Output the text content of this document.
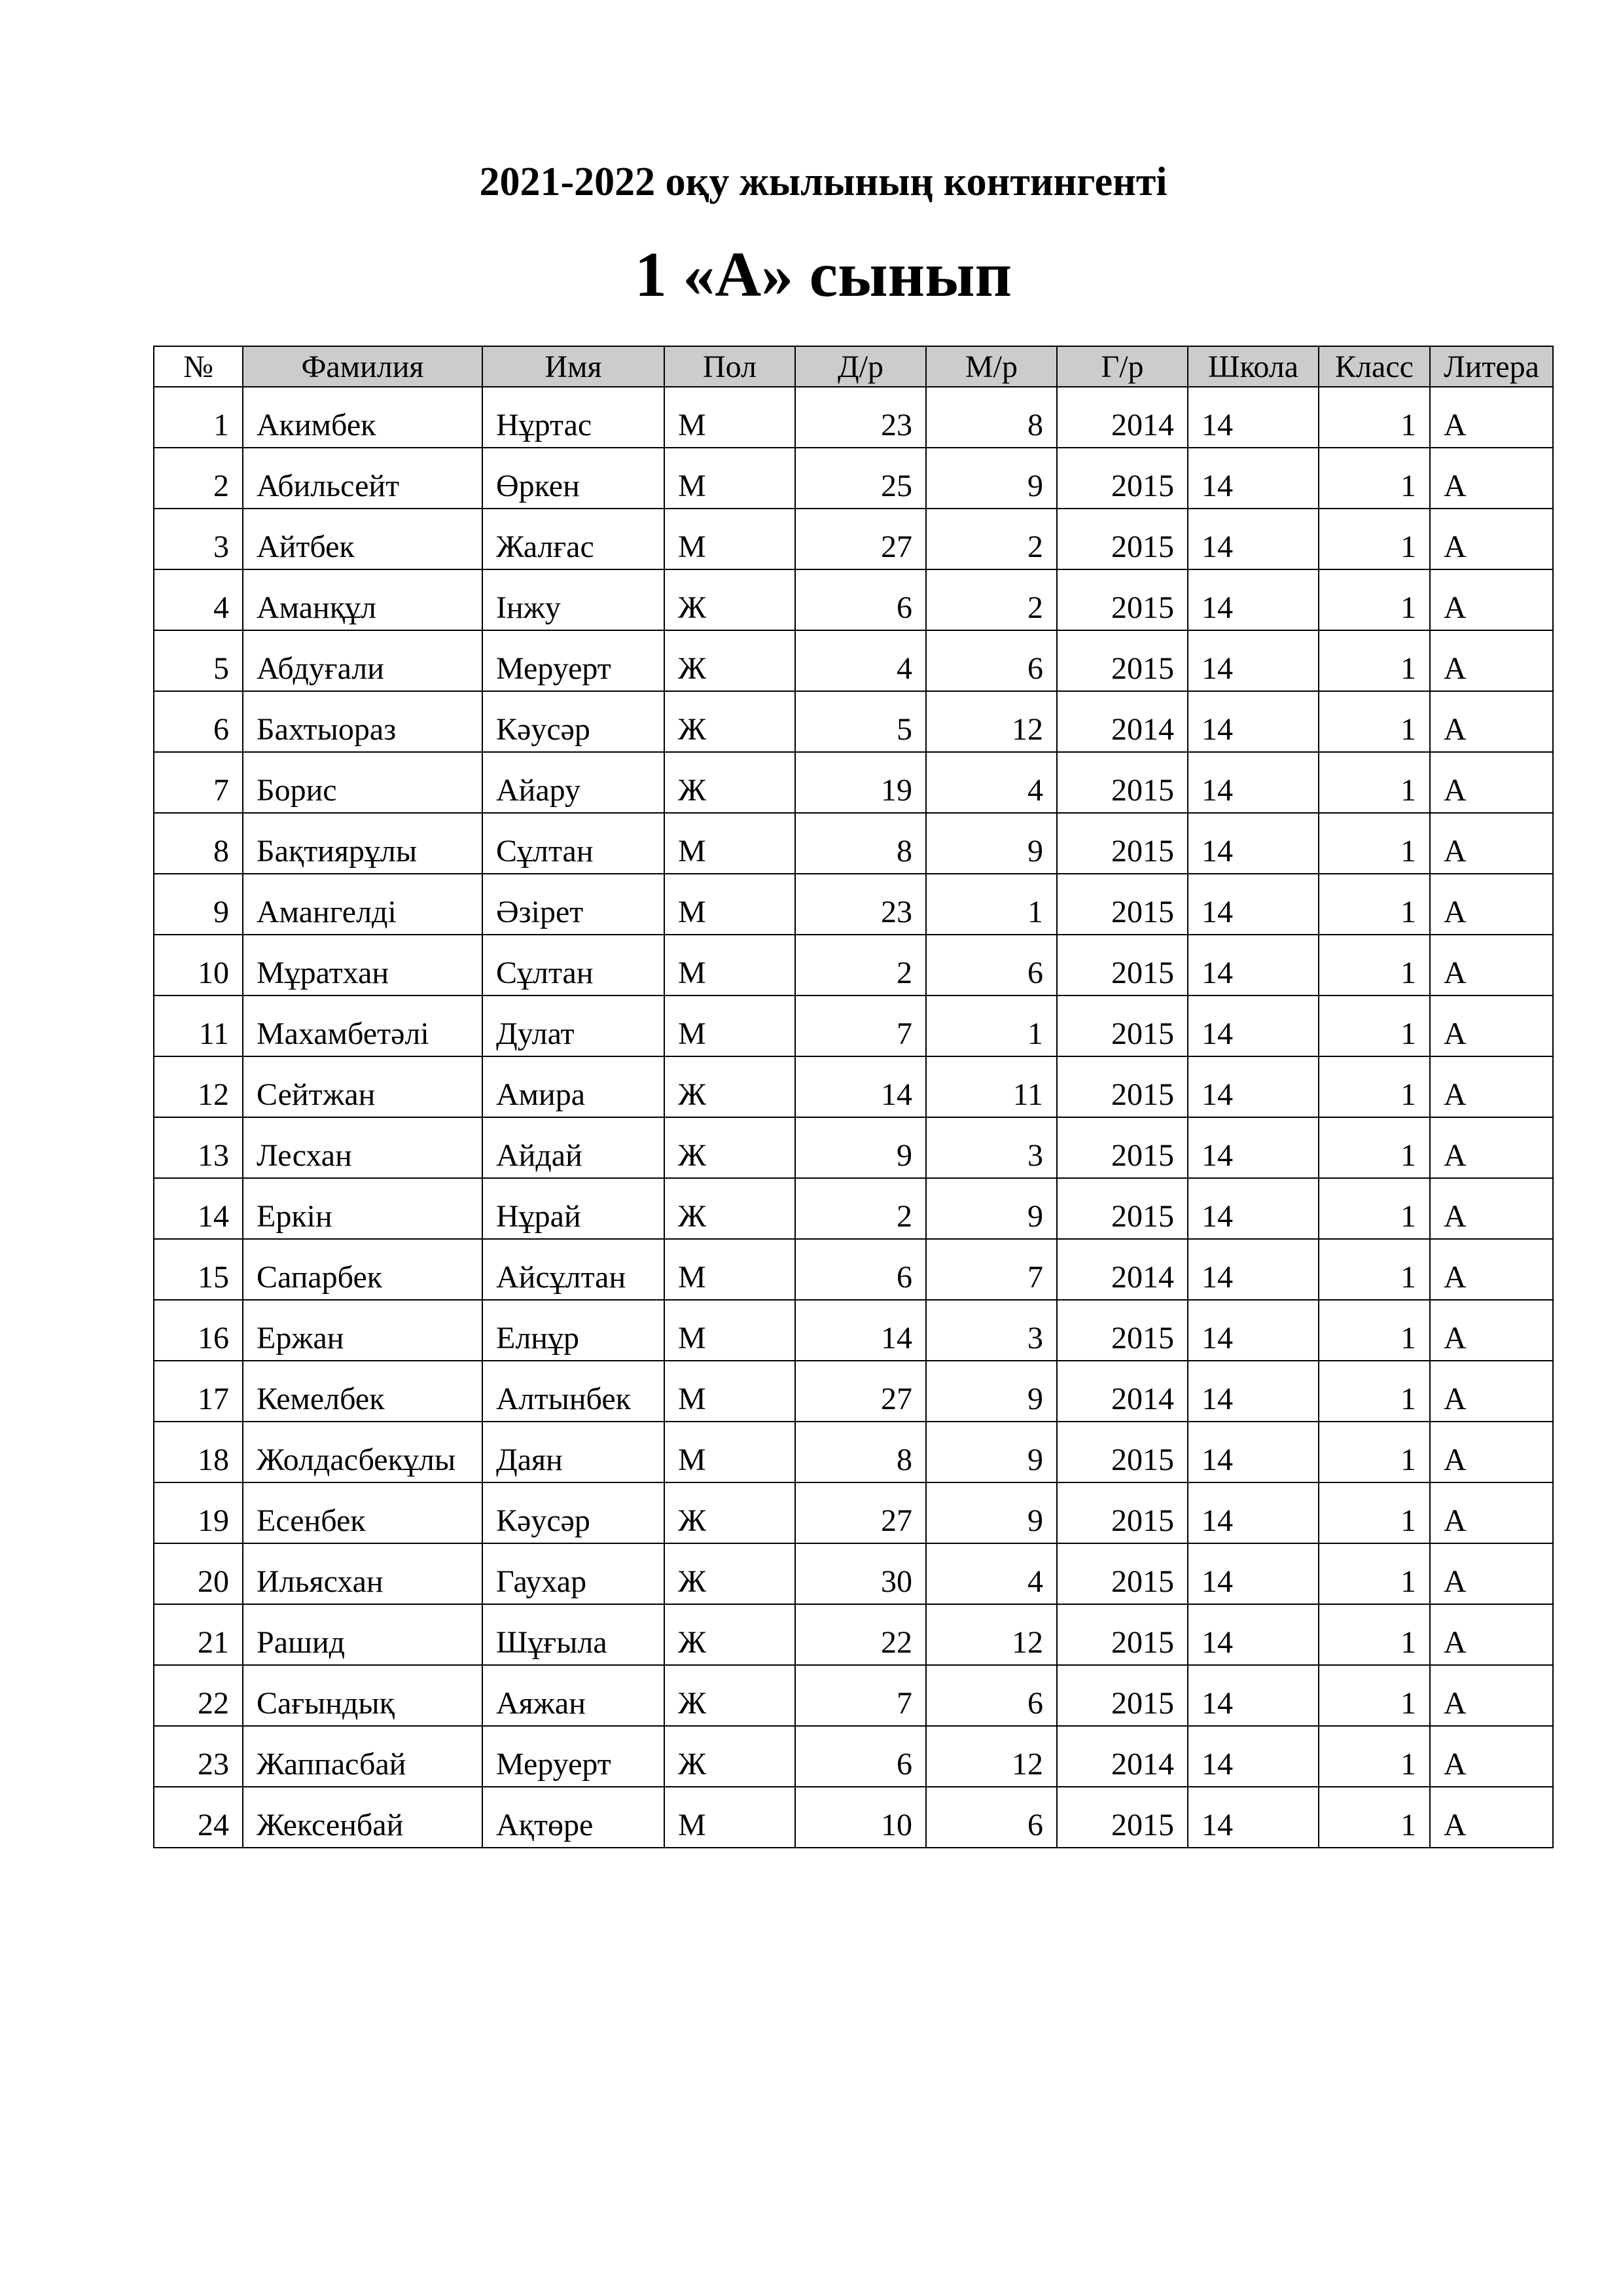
2021-2022 оқу жылының контингенті
1 «А» сынып
№	Фамилия	Имя	Пол	Д/р	М/р	Г/р	Школа	Класс	Литера
1	Акимбек	Нұртас	М	23	8	2014	14	1	А
2	Абильсейт	Өркен	М	25	9	2015	14	1	А
3	Айтбек	Жалғас	М	27	2	2015	14	1	А
4	Аманқұл	Інжу	Ж	6	2	2015	14	1	А
5	Абдуғали	Меруерт	Ж	4	6	2015	14	1	А
6	Бахтыораз	Кәусәр	Ж	5	12	2014	14	1	А
7	Борис	Айару	Ж	19	4	2015	14	1	А
8	Бақтиярұлы	Сұлтан	М	8	9	2015	14	1	А
9	Амангелді	Әзірет	М	23	1	2015	14	1	А
10	Мұратхан	Сұлтан	М	2	6	2015	14	1	А
11	Махамбетәлі	Дулат	М	7	1	2015	14	1	А
12	Сейтжан	Амира	Ж	14	11	2015	14	1	А
13	Лесхан	Айдай	Ж	9	3	2015	14	1	А
14	Еркін	Нұрай	Ж	2	9	2015	14	1	А
15	Сапарбек	Айсұлтан	М	6	7	2014	14	1	А
16	Ержан	Елнұр	М	14	3	2015	14	1	А
17	Кемелбек	Алтынбек	М	27	9	2014	14	1	А
18	Жолдасбекұлы	Даян	М	8	9	2015	14	1	А
19	Есенбек	Кәусәр	Ж	27	9	2015	14	1	А
20	Ильясхан	Гаухар	Ж	30	4	2015	14	1	А
21	Рашид	Шұғыла	Ж	22	12	2015	14	1	А
22	Сағындық	Аяжан	Ж	7	6	2015	14	1	А
23	Жаппасбай	Меруерт	Ж	6	12	2014	14	1	А
24	Жексенбай	Ақтөре	М	10	6	2015	14	1	А
